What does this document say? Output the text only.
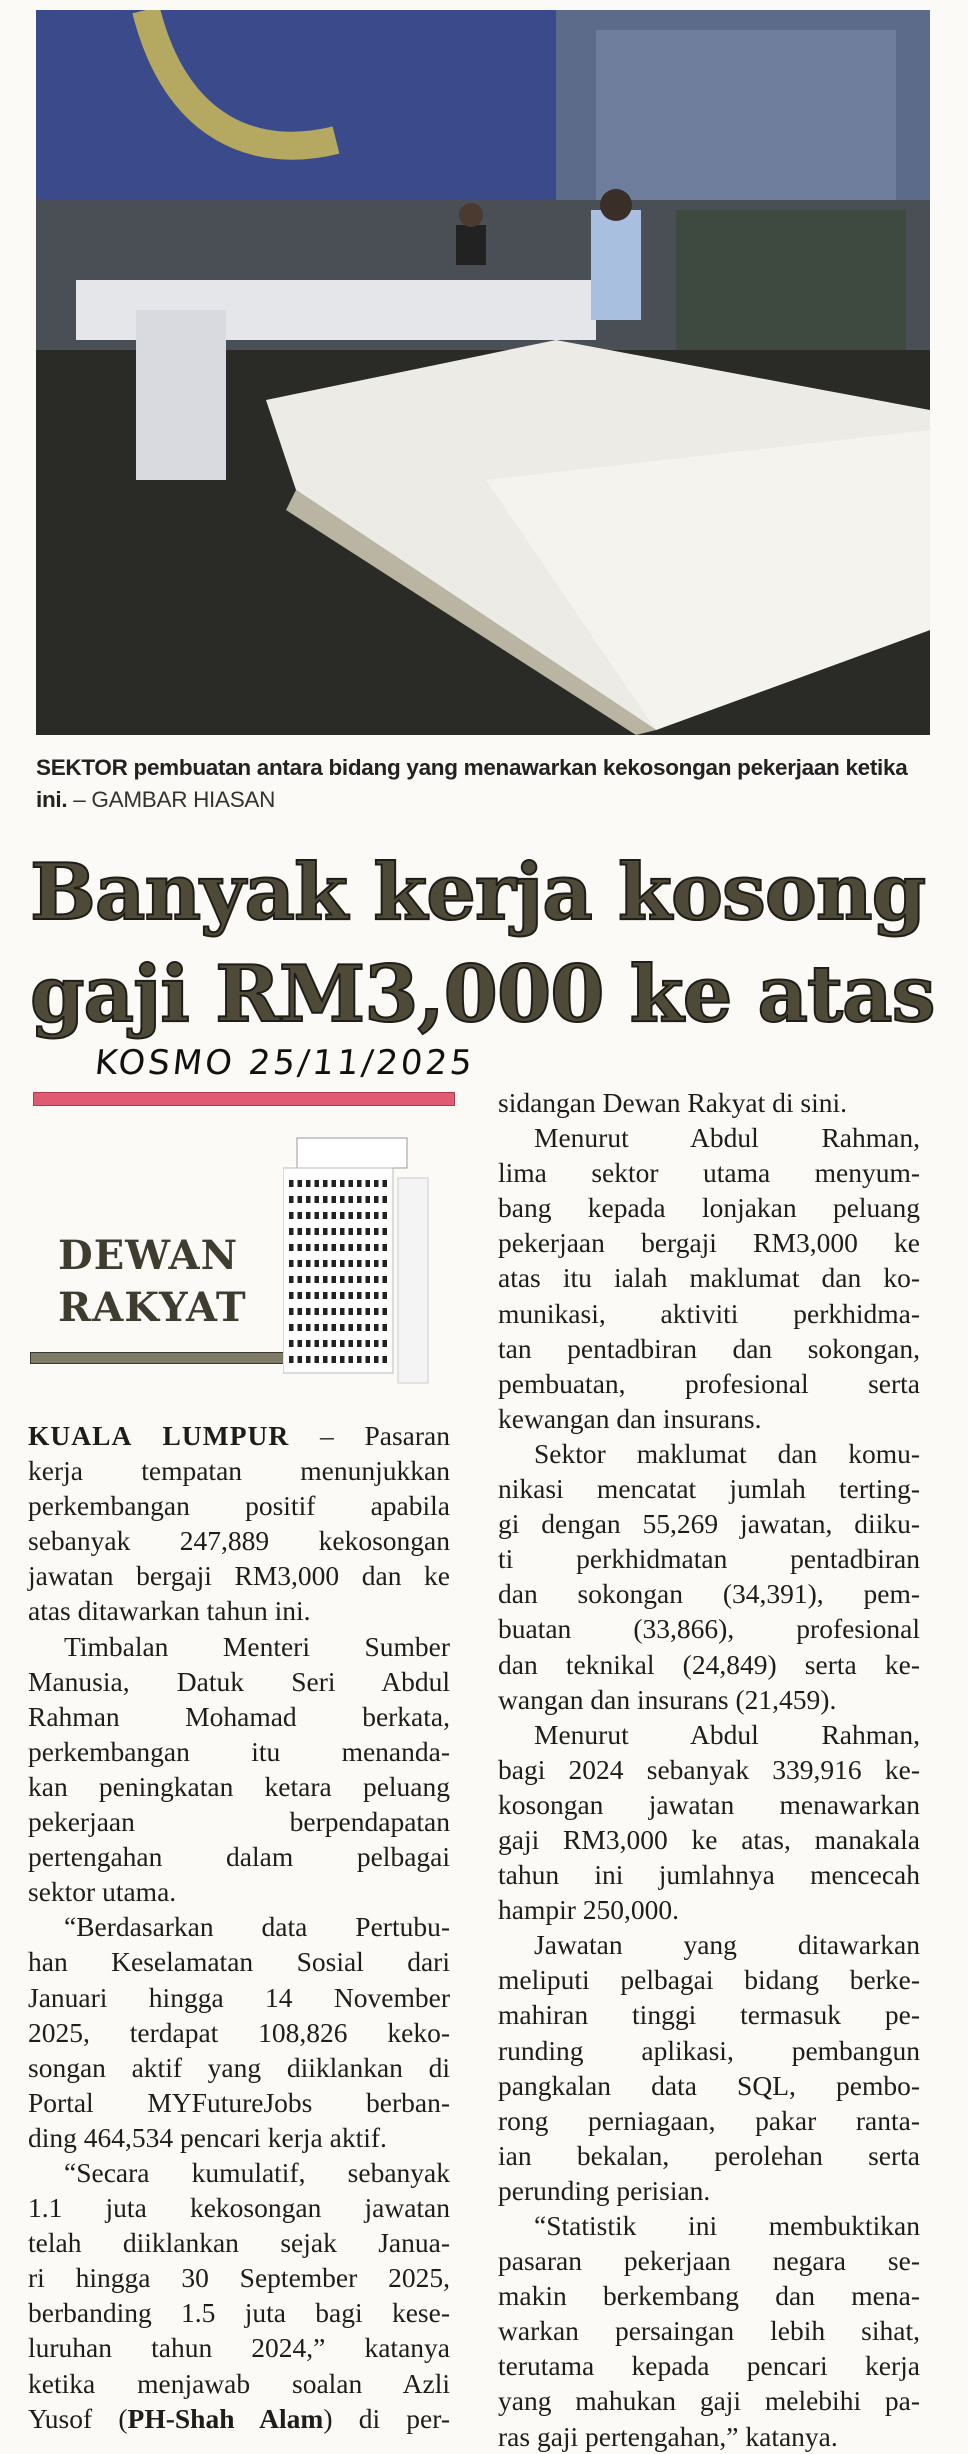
SEKTOR pembuatan antara bidang yang menawarkan kekosongan pekerjaan ketika ini. – GAMBAR HIASAN
Banyak kerja kosong
gaji RM3,000 ke atas
KOSMO 25/11/2025
DEWAN
RAKYAT
KUALA LUMPUR – Pasaran
kerja tempatan menunjukkan
perkembangan positif apabila
sebanyak 247,889 kekosongan
jawatan bergaji RM3,000 dan ke
atas ditawarkan tahun ini.
Timbalan Menteri Sumber
Manusia, Datuk Seri Abdul
Rahman Mohamad berkata,
perkembangan itu menanda-
kan peningkatan ketara peluang
pekerjaan berpendapatan
pertengahan dalam pelbagai
sektor utama.
“Berdasarkan data Pertubu-
han Keselamatan Sosial dari
Januari hingga 14 November
2025, terdapat 108,826 keko-
songan aktif yang diiklankan di
Portal MYFutureJobs berban-
ding 464,534 pencari kerja aktif.
“Secara kumulatif, sebanyak
1.1 juta kekosongan jawatan
telah diiklankan sejak Janua-
ri hingga 30 September 2025,
berbanding 1.5 juta bagi kese-
luruhan tahun 2024,” katanya
ketika menjawab soalan Azli
Yusof (PH-Shah Alam) di per-
sidangan Dewan Rakyat di sini.
Menurut Abdul Rahman,
lima sektor utama menyum-
bang kepada lonjakan peluang
pekerjaan bergaji RM3,000 ke
atas itu ialah maklumat dan ko-
munikasi, aktiviti perkhidma-
tan pentadbiran dan sokongan,
pembuatan, profesional serta
kewangan dan insurans.
Sektor maklumat dan komu-
nikasi mencatat jumlah terting-
gi dengan 55,269 jawatan, diiku-
ti perkhidmatan pentadbiran
dan sokongan (34,391), pem-
buatan (33,866), profesional
dan teknikal (24,849) serta ke-
wangan dan insurans (21,459).
Menurut Abdul Rahman,
bagi 2024 sebanyak 339,916 ke-
kosongan jawatan menawarkan
gaji RM3,000 ke atas, manakala
tahun ini jumlahnya mencecah
hampir 250,000.
Jawatan yang ditawarkan
meliputi pelbagai bidang berke-
mahiran tinggi termasuk pe-
runding aplikasi, pembangun
pangkalan data SQL, pembo-
rong perniagaan, pakar ranta-
ian bekalan, perolehan serta
perunding perisian.
“Statistik ini membuktikan
pasaran pekerjaan negara se-
makin berkembang dan mena-
warkan persaingan lebih sihat,
terutama kepada pencari kerja
yang mahukan gaji melebihi pa-
ras gaji pertengahan,” katanya.
